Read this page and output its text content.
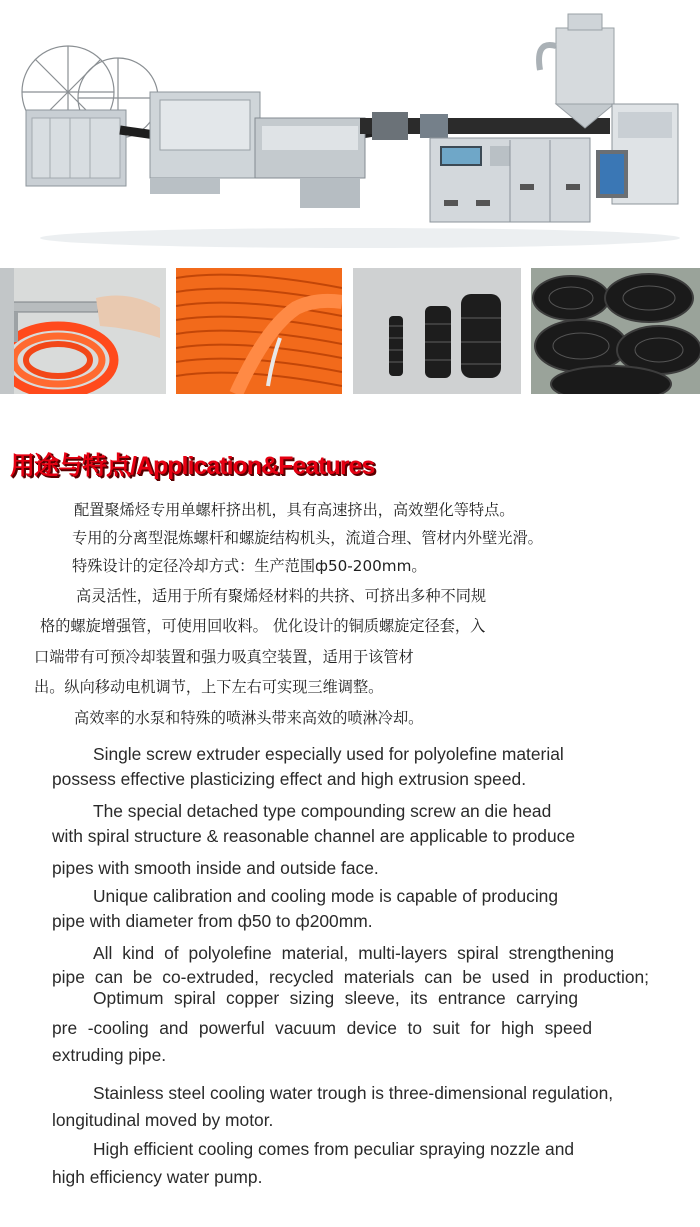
用途与特点/Application&Features

配置聚烯烃专用单螺杆挤出机，具有高速挤出，高效塑化等特点。

专用的分离型混炼螺杆和螺旋结构机头，流道合理、管材内外壁光滑。

特殊设计的定径冷却方式：生产范围ф50-200mm。

高灵活性，适用于所有聚烯烃材料的共挤、可挤出多种不同规

格的螺旋增强管，可使用回收料。 优化设计的铜质螺旋定径套，入

口端带有可预冷却装置和强力吸真空装置，适用于该管材

出。纵向移动电机调节，上下左右可实现三维调整。

高效率的水泵和特殊的喷淋头带来高效的喷淋冷却。

Single screw extruder especially used for polyolefine material

possess effective plasticizing effect and high extrusion speed.

The special detached type compounding screw an die head

with spiral structure & reasonable channel are applicable to produce

pipes with smooth inside and outside face.

Unique calibration and cooling mode is capable of producing

pipe with diameter from ф50 to ф200mm.

All kind of polyolefine material, multi-layers spiral strengthening

pipe can be co-extruded, recycled materials can be used in production;

Optimum spiral copper sizing sleeve, its entrance carrying

pre -cooling and powerful vacuum device to suit for high speed

extruding pipe.

Stainless steel cooling water trough is three-dimensional regulation,

longitudinal moved by motor.

High efficient cooling comes from peculiar spraying nozzle and

high efficiency water pump.
